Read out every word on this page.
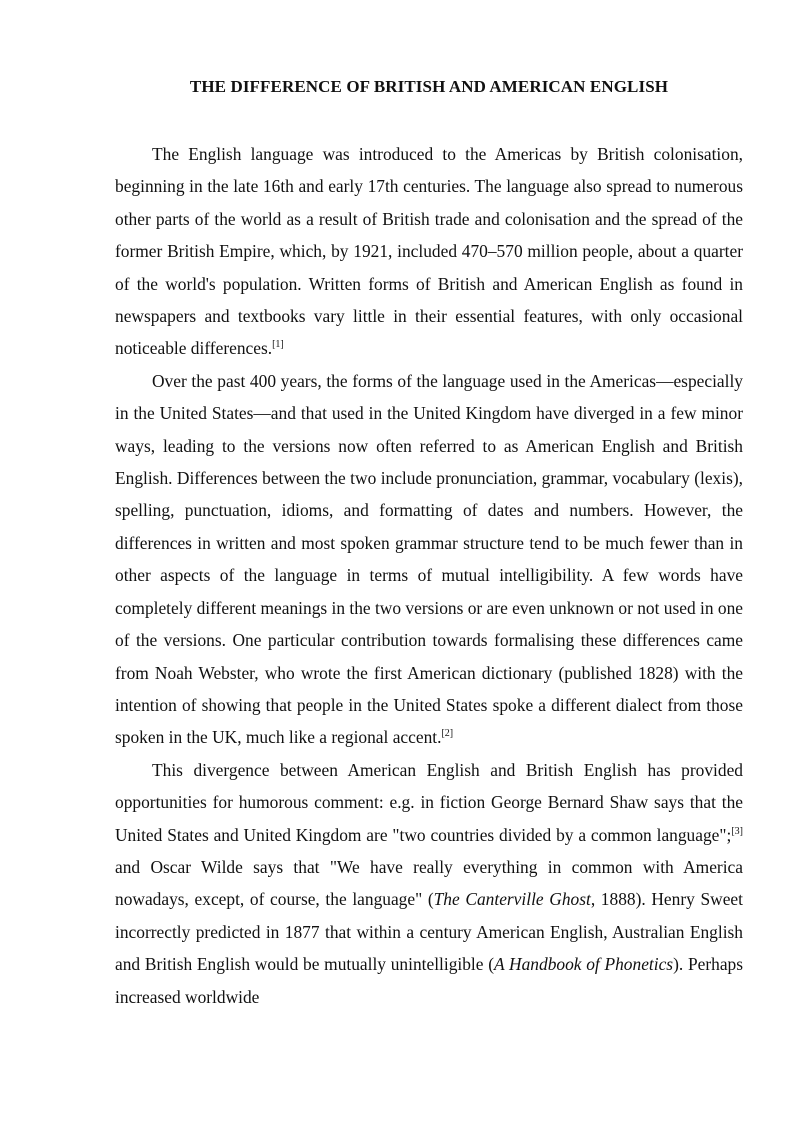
THE DIFFERENCE OF BRITISH AND AMERICAN ENGLISH

The English language was introduced to the Americas by British colonisation, beginning in the late 16th and early 17th centuries. The language also spread to numerous other parts of the world as a result of British trade and colonisation and the spread of the former British Empire, which, by 1921, included 470–570 million people, about a quarter of the world's population. Written forms of British and American English as found in newspapers and textbooks vary little in their essential features, with only occasional noticeable differences.[1]

Over the past 400 years, the forms of the language used in the Americas—especially in the United States—and that used in the United Kingdom have diverged in a few minor ways, leading to the versions now often referred to as American English and British English. Differences between the two include pronunciation, grammar, vocabulary (lexis), spelling, punctuation, idioms, and formatting of dates and numbers. However, the differences in written and most spoken grammar structure tend to be much fewer than in other aspects of the language in terms of mutual intelligibility. A few words have completely different meanings in the two versions or are even unknown or not used in one of the versions. One particular contribution towards formalising these differences came from Noah Webster, who wrote the first American dictionary (published 1828) with the intention of showing that people in the United States spoke a different dialect from those spoken in the UK, much like a regional accent.[2]

This divergence between American English and British English has provided opportunities for humorous comment: e.g. in fiction George Bernard Shaw says that the United States and United Kingdom are "two countries divided by a common language";[3] and Oscar Wilde says that "We have really everything in common with America nowadays, except, of course, the language" (The Canterville Ghost, 1888). Henry Sweet incorrectly predicted in 1877 that within a century American English, Australian English and British English would be mutually unintelligible (A Handbook of Phonetics). Perhaps increased worldwide
